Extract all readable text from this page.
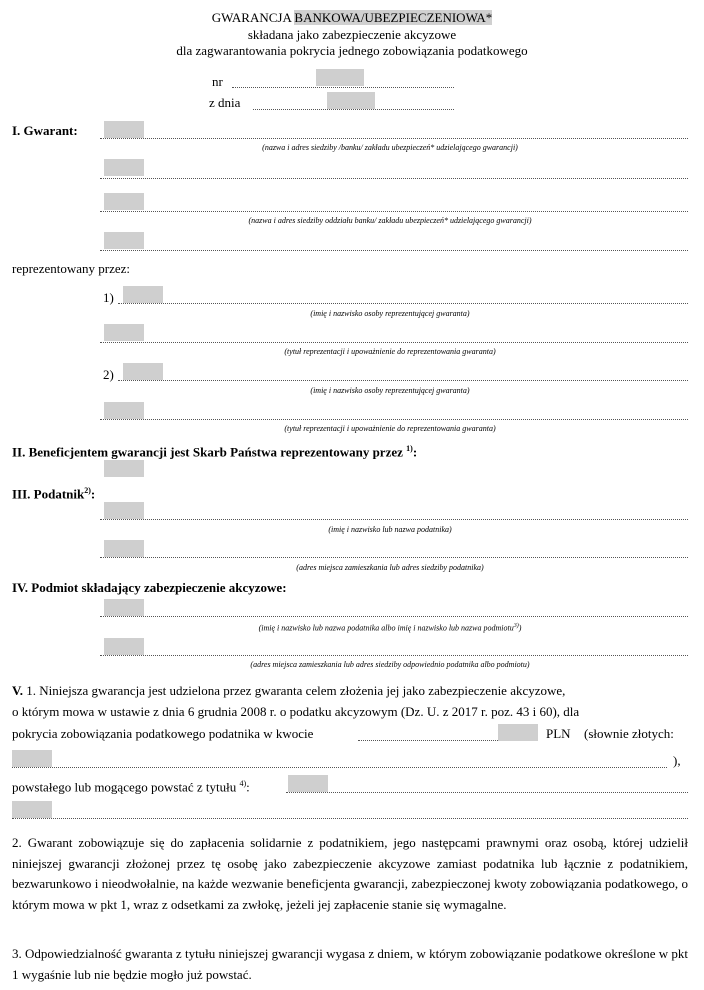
GWARANCJA BANKOWA/UBEZPIECZENIOWA*
składana jako zabezpieczenie akcyzowe
dla zagwarantowania pokrycia jednego zobowiązania podatkowego
nr
z dnia
I. Gwarant:
(nazwa i adres siedziby /banku/ zakładu ubezpieczeń* udzielającego gwarancji)
(nazwa i adres siedziby oddziału banku/ zakładu ubezpieczeń* udzielającego gwarancji)
reprezentowany przez:
1)
(imię i nazwisko osoby reprezentującej gwaranta)
(tytuł reprezentacji i upoważnienie do reprezentowania gwaranta)
2)
(imię i nazwisko osoby reprezentującej gwaranta)
(tytuł reprezentacji i upoważnienie do reprezentowania gwaranta)
II. Beneficjentem gwarancji jest Skarb Państwa reprezentowany przez $^{1)}$:
III. Podatnik$^{2)}$:
(imię i nazwisko lub nazwa podatnika)
(adres miejsca zamieszkania lub adres siedziby podatnika)
IV. Podmiot składający zabezpieczenie akcyzowe:
(imię i nazwisko lub nazwa podatnika albo imię i nazwisko lub nazwa podmiotu$^{3)}$)
(adres miejsca zamieszkania lub adres siedziby odpowiednio podatnika albo podmiotu)
V. 1. Niniejsza gwarancja jest udzielona przez gwaranta celem złożenia jej jako zabezpieczenie akcyzowe,
o którym mowa w ustawie z dnia 6 grudnia 2008 r. o podatku akcyzowym (Dz. U. z 2017 r. poz. 43 i 60), dla
pokrycia zobowiązania podatkowego podatnika w kwocie	PLN (słownie złotych:
),
powstałego lub mogącego powstać z tytułu $^{4)}$:
2. Gwarant zobowiązuje się do zapłacenia solidarnie z podatnikiem, jego następcami prawnymi oraz osobą, której udzielił niniejszej gwarancji złożonej przez tę osobę jako zabezpieczenie akcyzowe zamiast podatnika lub łącznie z podatnikiem, bezwarunkowo i nieodwołalnie, na każde wezwanie beneficjenta gwarancji, zabezpieczonej kwoty zobowiązania podatkowego, o którym mowa w pkt 1, wraz z odsetkami za zwłokę, jeżeli jej zapłacenie stanie się wymagalne.
3. Odpowiedzialność gwaranta z tytułu niniejszej gwarancji wygasa z dniem, w którym zobowiązanie podatkowe określone w pkt 1 wygaśnie lub nie będzie mogło już powstać.
